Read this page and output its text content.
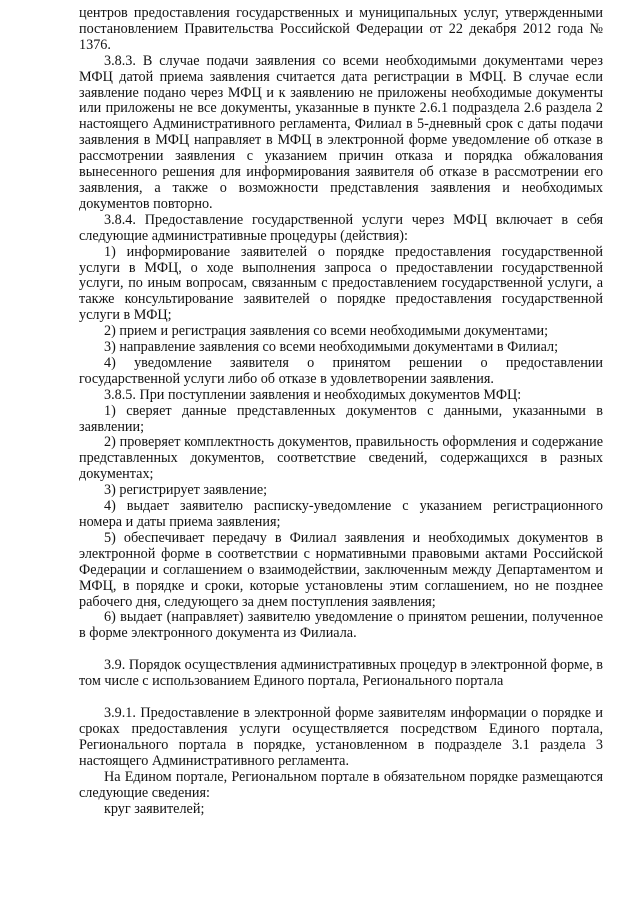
центров предоставления государственных и муниципальных услуг, утвержденными постановлением Правительства Российской Федерации от 22 декабря 2012 года № 1376.

3.8.3. В случае подачи заявления со всеми необходимыми документами через МФЦ датой приема заявления считается дата регистрации в МФЦ. В случае если заявление подано через МФЦ и к заявлению не приложены необходимые документы или приложены не все документы, указанные в пункте 2.6.1 подраздела 2.6 раздела 2 настоящего Административного регламента, Филиал в 5-дневный срок с даты подачи заявления в МФЦ направляет в МФЦ в электронной форме уведомление об отказе в рассмотрении заявления с указанием причин отказа и порядка обжалования вынесенного решения для информирования заявителя об отказе в рассмотрении его заявления, а также о возможности представления заявления и необходимых документов повторно.

3.8.4. Предоставление государственной услуги через МФЦ включает в себя следующие административные процедуры (действия):

1) информирование заявителей о порядке предоставления государственной услуги в МФЦ, о ходе выполнения запроса о предоставлении государственной услуги, по иным вопросам, связанным с предоставлением государственной услуги, а также консультирование заявителей о порядке предоставления государственной услуги в МФЦ;

2) прием и регистрация заявления со всеми необходимыми документами;

3) направление заявления со всеми необходимыми документами в Филиал;

4) уведомление заявителя о принятом решении о предоставлении государственной услуги либо об отказе в удовлетворении заявления.

3.8.5. При поступлении заявления и необходимых документов МФЦ:

1) сверяет данные представленных документов с данными, указанными в заявлении;

2) проверяет комплектность документов, правильность оформления и содержание представленных документов, соответствие сведений, содержащихся в разных документах;

3) регистрирует заявление;

4) выдает заявителю расписку-уведомление с указанием регистрационного номера и даты приема заявления;

5) обеспечивает передачу в Филиал заявления и необходимых документов в электронной форме в соответствии с нормативными правовыми актами Российской Федерации и соглашением о взаимодействии, заключенным между Департаментом и МФЦ, в порядке и сроки, которые установлены этим соглашением, но не позднее рабочего дня, следующего за днем поступления заявления;

6) выдает (направляет) заявителю уведомление о принятом решении, полученное в форме электронного документа из Филиала.

3.9. Порядок осуществления административных процедур в электронной форме, в том числе с использованием Единого портала, Регионального портала

3.9.1. Предоставление в электронной форме заявителям информации о порядке и сроках предоставления услуги осуществляется посредством Единого портала, Регионального портала в порядке, установленном в подразделе 3.1 раздела 3 настоящего Административного регламента.

На Едином портале, Региональном портале в обязательном порядке размещаются следующие сведения:

круг заявителей;
